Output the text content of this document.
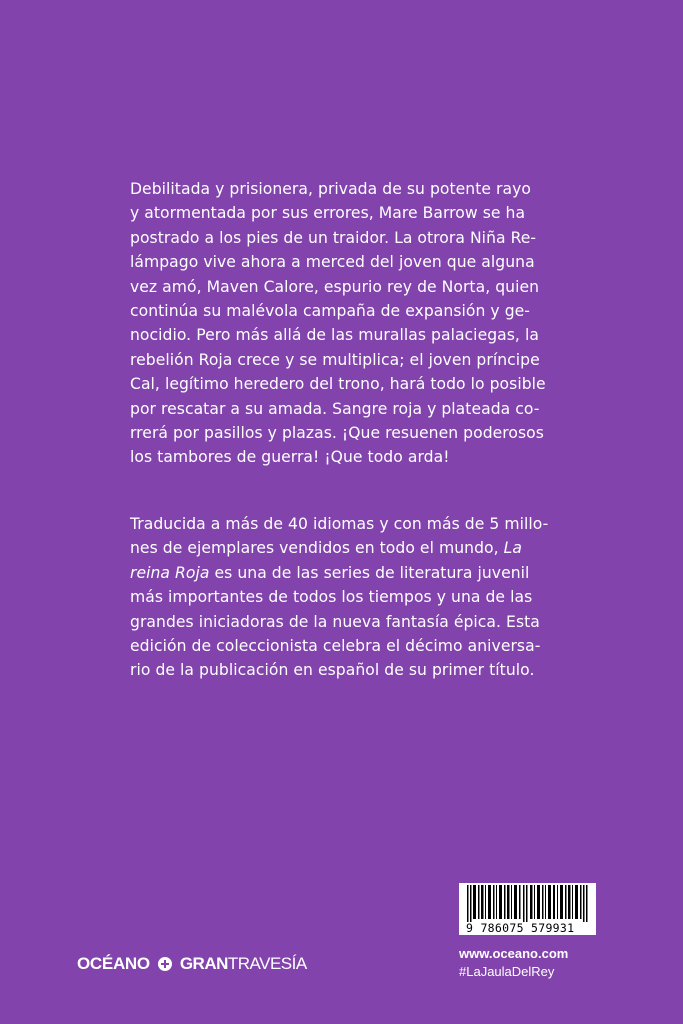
Debilitada y prisionera, privada de su potente rayo
y atormentada por sus errores, Mare Barrow se ha
postrado a los pies de un traidor. La otrora Niña Re-
lámpago vive ahora a merced del joven que alguna
vez amó, Maven Calore, espurio rey de Norta, quien
continúa su malévola campaña de expansión y ge-
nocidio. Pero más allá de las murallas palaciegas, la
rebelión Roja crece y se multiplica; el joven príncipe
Cal, legítimo heredero del trono, hará todo lo posible
por rescatar a su amada. Sangre roja y plateada co-
rrerá por pasillos y plazas. ¡Que resuenen poderosos
los tambores de guerra! ¡Que todo arda!
Traducida a más de 40 idiomas y con más de 5 millo-
nes de ejemplares vendidos en todo el mundo, La
reina Roja es una de las series de literatura juvenil
más importantes de todos los tiempos y una de las
grandes iniciadoras de la nueva fantasía épica. Esta
edición de coleccionista celebra el décimo aniversa-
rio de la publicación en español de su primer título.
9 786075 579931
OCÉANO GRANTRAVESÍA
www.oceano.com
#LaJaulaDelRey
